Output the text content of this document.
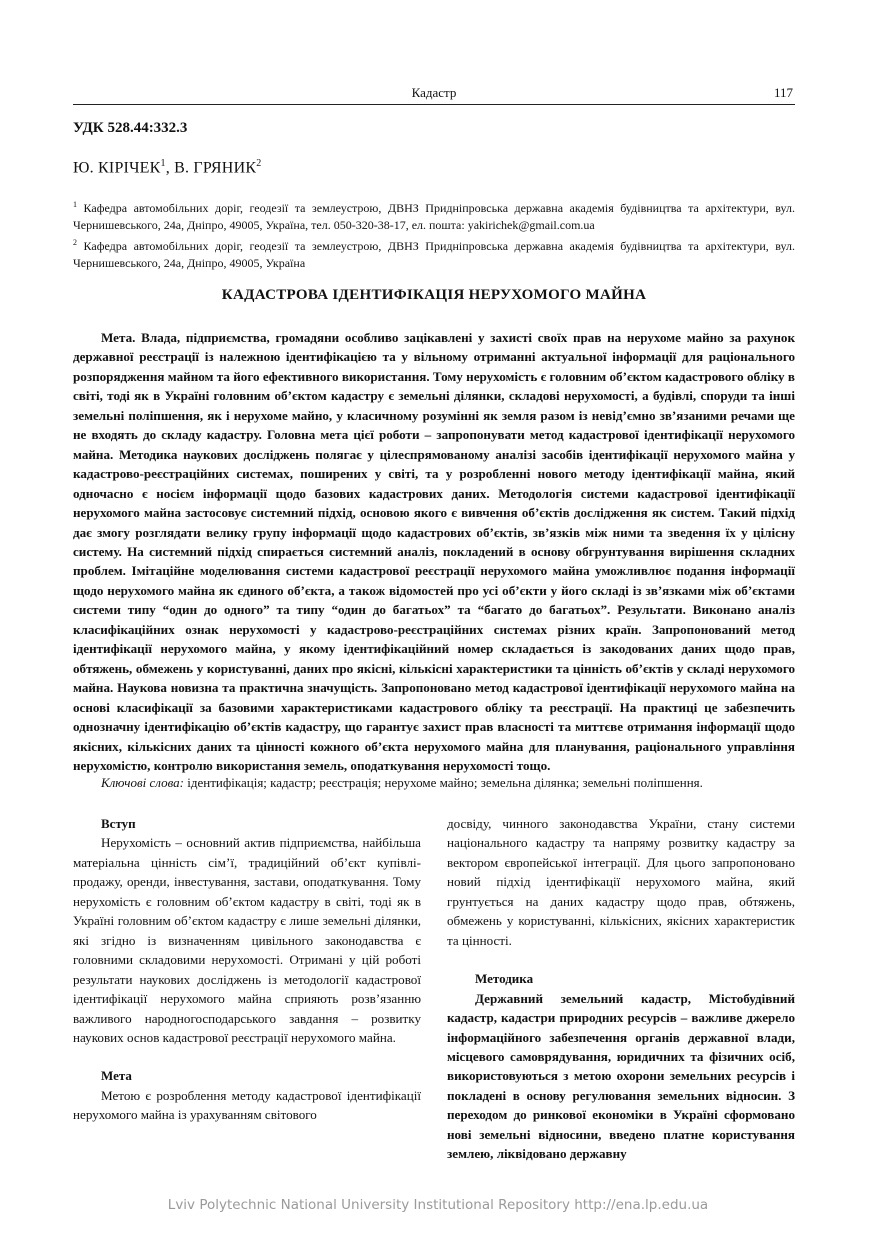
Кадастр	117
УДК 528.44:332.3
Ю. КІРІЧЕК$^1$, В. ГРЯНИК$^2$

$^1$ Кафедра автомобільних доріг, геодезії та землеустрою, ДВНЗ Придніпровська державна академія будівництва та архітектури, вул. Чернишевського, 24а, Дніпро, 49005, Україна, тел. 050-320-38-17, ел. пошта: yakirichek@gmail.com.ua

$^2$ Кафедра автомобільних доріг, геодезії та землеустрою, ДВНЗ Придніпровська державна академія будівництва та архітектури, вул. Чернишевського, 24а, Дніпро, 49005, Україна

КАДАСТРОВА ІДЕНТИФІКАЦІЯ НЕРУХОМОГО МАЙНА

Мета. Влада, підприємства, громадяни особливо зацікавлені у захисті своїх прав на нерухоме майно за рахунок державної реєстрації із належною ідентифікацією та у вільному отриманні актуальної інформації для раціонального розпорядження майном та його ефективного використання. Тому нерухомість є головним об’єктом кадастрового обліку в світі, тоді як в Україні головним об’єктом кадастру є земельні ділянки, складові нерухомості, а будівлі, споруди та інші земельні поліпшення, як і нерухоме майно, у класичному розумінні як земля разом із невід’ємно зв’язаними речами ще не входять до складу кадастру. Головна мета цієї роботи – запропонувати метод кадастрової ідентифікації нерухомого майна. Методика наукових досліджень полягає у цілеспрямованому аналізі засобів ідентифікації нерухомого майна у кадастрово-реєстраційних системах, поширених у світі, та у розробленні нового методу ідентифікації майна, який одночасно є носієм інформації щодо базових кадастрових даних. Методологія системи кадастрової ідентифікації нерухомого майна застосовує системний підхід, основою якого є вивчення об’єктів дослідження як систем. Такий підхід дає змогу розглядати велику групу інформації щодо кадастрових об’єктів, зв’язків між ними та зведення їх у цілісну систему. На системний підхід спирається системний аналіз, покладений в основу обгрунтування вирішення складних проблем. Імітаційне моделювання системи кадастрової реєстрації нерухомого майна уможливлює подання інформації щодо нерухомого майна як єдиного об’єкта, а також відомостей про усі об’єкти у його складі із зв’язками між об’єктами системи типу “один до одного” та типу “один до багатьох” та “багато до багатьох”. Результати. Виконано аналіз класифікаційних ознак нерухомості у кадастрово-реєстраційних системах різних країн. Запропонований метод ідентифікації нерухомого майна, у якому ідентифікаційний номер складається із закодованих даних щодо прав, обтяжень, обмежень у користуванні, даних про якісні, кількісні характеристики та цінність об’єктів у складі нерухомого майна. Наукова новизна та практична значущість. Запропоновано метод кадастрової ідентифікації нерухомого майна на основі класифікації за базовими характеристиками кадастрового обліку та реєстрації. На практиці це забезпечить однозначну ідентифікацію об’єктів кадастру, що гарантує захист прав власності та миттєве отримання інформації щодо якісних, кількісних даних та цінності кожного об’єкта нерухомого майна для планування, раціонального управління нерухомістю, контролю використання земель, оподаткування нерухомості тощо.

Ключові слова: ідентифікація; кадастр; реєстрація; нерухоме майно; земельна ділянка; земельні поліпшення.
Вступ

Нерухомість – основний актив підприємства, найбільша матеріальна цінність сім’ї, традиційний об’єкт купівлі-продажу, оренди, інвестування, застави, оподаткування. Тому нерухомість є головним об’єктом кадастру в світі, тоді як в Україні головним об’єктом кадастру є лише земельні ділянки, які згідно із визначенням цивільного законодавства є головними складовими нерухомості. Отримані у цій роботі результати наукових досліджень із методології кадастрової ідентифікації нерухомого майна сприяють розв’язанню важливого народногосподарського завдання – розвитку наукових основ кадастрової реєстрації нерухомого майна.

Мета

Метою є розроблення методу кадастрової ідентифікації нерухомого майна із урахуванням світового

досвіду, чинного законодавства України, стану системи національного кадастру та напряму розвитку кадастру за вектором європейської інтеграції. Для цього запропоновано новий підхід ідентифікації нерухомого майна, який грунтується на даних кадастру щодо прав, обтяжень, обмежень у користуванні, кількісних, якісних характеристик та цінності.

Методика

Державний земельний кадастр, Містобудівний кадастр, кадастри природних ресурсів – важливе джерело інформаційного забезпечення органів державної влади, місцевого самоврядування, юридичних та фізичних осіб, використовуються з метою охорони земельних ресурсів і покладені в основу регулювання земельних відносин. З переходом до ринкової економіки в Україні сформовано нові земельні відносини, введено платне користування землею, ліквідовано державну

Lviv Polytechnic National University Institutional Repository http://ena.lp.edu.ua
